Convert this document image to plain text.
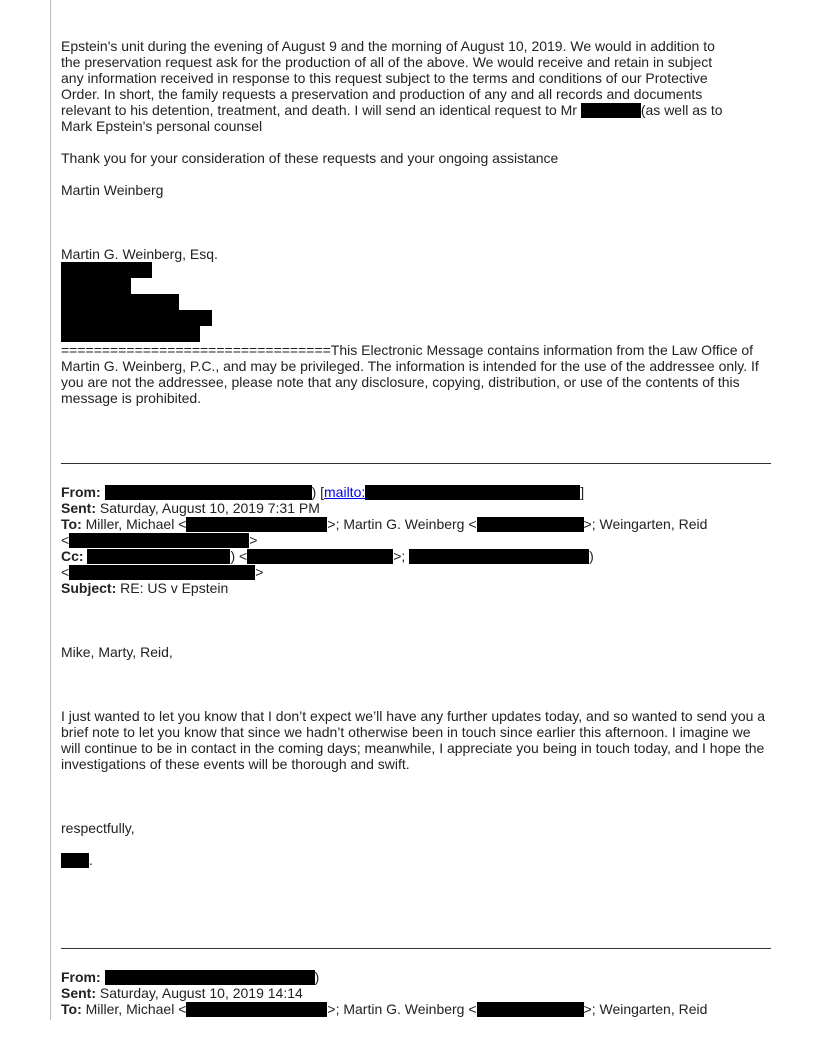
Epstein's unit during the evening of August 9 and the morning of August 10, 2019. We would in addition to

the preservation request ask for the production of all of the above. We would receive and retain in subject

any information received in response to this request subject to the terms and conditions of our Protective

Order. In short, the family requests a preservation and production of any and all records and documents

relevant to his detention, treatment, and death. I will send an identical request to Mr	(as well as to

Mark Epstein's personal counsel

Thank you for your consideration of these requests and your ongoing assistance

Martin Weinberg

Martin G. Weinberg, Esq.

=================================This Electronic Message contains information from the Law Office of Martin G. Weinberg, P.C., and may be privileged. The information is intended for the use of the addressee only. If you are not the addressee, please note that any disclosure, copying, distribution, or use of the contents of this message is prohibited.

From:	) [mailto:	]

Sent: Saturday, August 10, 2019 7:31 PM

To: Miller, Michael <	>; Martin G. Weinberg <	>; Weingarten, Reid

<	>

Cc:	) <	>;	)

<	>

Subject: RE: US v Epstein

Mike, Marty, Reid,

I just wanted to let you know that I don’t expect we’ll have any further updates today, and so wanted to send you a brief note to let you know that since we hadn’t otherwise been in touch since earlier this afternoon. I imagine we will continue to be in contact in the coming days; meanwhile, I appreciate you being in touch today, and I hope the investigations of these events will be thorough and swift.

respectfully,

.

From:	)

Sent: Saturday, August 10, 2019 14:14

To: Miller, Michael <	>; Martin G. Weinberg <	>; Weingarten, Reid
